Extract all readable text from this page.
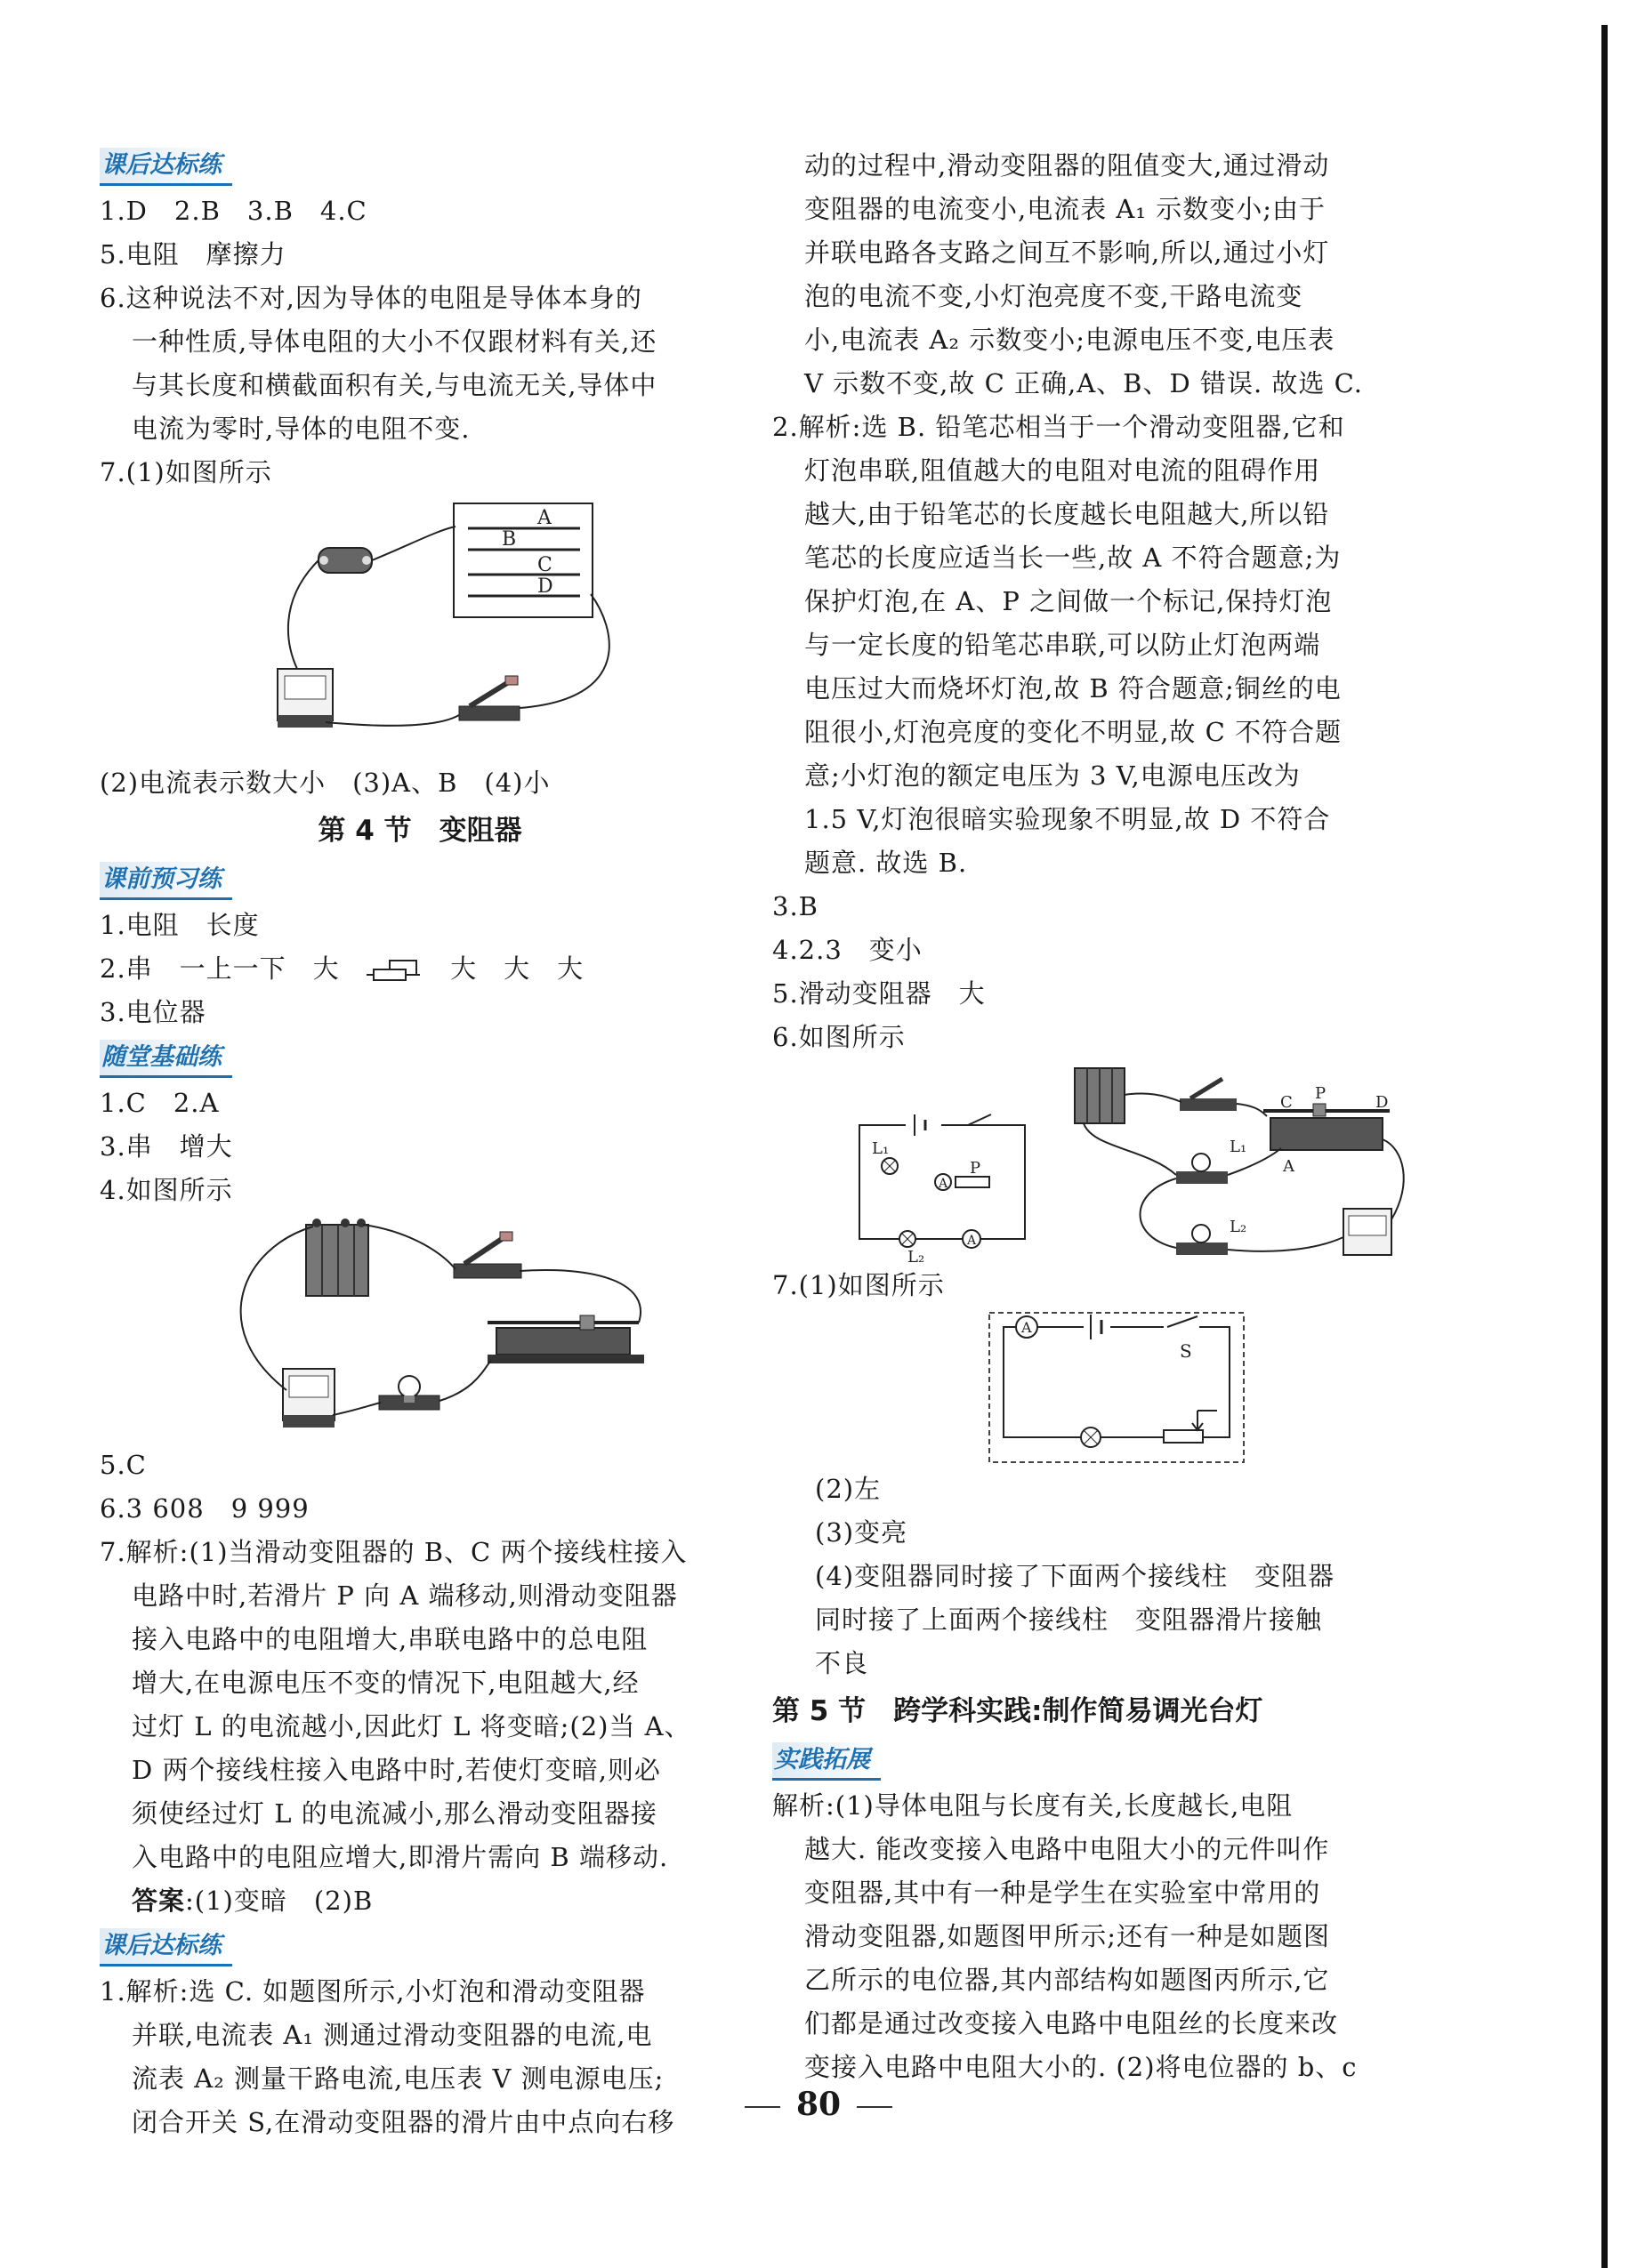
课后达标练
1.D　2.B　3.B　4.C
5.电阻　摩擦力
6.这种说法不对,因为导体的电阻是导体本身的
一种性质,导体电阻的大小不仅跟材料有关,还
与其长度和横截面积有关,与电流无关,导体中
电流为零时,导体的电阻不变.
7.(1)如图所示
A
B
C
D
(2)电流表示数大小　(3)A、B　(4)小
第 4 节　变阻器
课前预习练
1.电阻　长度
2.串　一上一下　大	大　大　大
3.电位器
随堂基础练
1.C　2.A
3.串　增大
4.如图所示
5.C
6.3 608　9 999
7.解析:(1)当滑动变阻器的 B、C 两个接线柱接入
电路中时,若滑片 P 向 A 端移动,则滑动变阻器
接入电路中的电阻增大,串联电路中的总电阻
增大,在电源电压不变的情况下,电阻越大,经
过灯 L 的电流越小,因此灯 L 将变暗;(2)当 A、
D 两个接线柱接入电路中时,若使灯变暗,则必
须使经过灯 L 的电流减小,那么滑动变阻器接
入电路中的电阻应增大,即滑片需向 B 端移动.
答案:(1)变暗　(2)B
课后达标练
1.解析:选 C. 如题图所示,小灯泡和滑动变阻器
并联,电流表 A₁ 测通过滑动变阻器的电流,电
流表 A₂ 测量干路电流,电压表 V 测电源电压;
闭合开关 S,在滑动变阻器的滑片由中点向右移
动的过程中,滑动变阻器的阻值变大,通过滑动
变阻器的电流变小,电流表 A₁ 示数变小;由于
并联电路各支路之间互不影响,所以,通过小灯
泡的电流不变,小灯泡亮度不变,干路电流变
小,电流表 A₂ 示数变小;电源电压不变,电压表
V 示数不变,故 C 正确,A、B、D 错误. 故选 C.
2.解析:选 B. 铅笔芯相当于一个滑动变阻器,它和
灯泡串联,阻值越大的电阻对电流的阻碍作用
越大,由于铅笔芯的长度越长电阻越大,所以铅
笔芯的长度应适当长一些,故 A 不符合题意;为
保护灯泡,在 A、P 之间做一个标记,保持灯泡
与一定长度的铅笔芯串联,可以防止灯泡两端
电压过大而烧坏灯泡,故 B 符合题意;铜丝的电
阻很小,灯泡亮度的变化不明显,故 C 不符合题
意;小灯泡的额定电压为 3 V,电源电压改为
1.5 V,灯泡很暗实验现象不明显,故 D 不符合
题意. 故选 B.
3.B
4.2.3　变小
5.滑动变阻器　大
6.如图所示
L₁
P
A
L₂
A
C P	D
A
L₁
L₂
7.(1)如图所示
A
S
(2)左
(3)变亮
(4)变阻器同时接了下面两个接线柱　变阻器
同时接了上面两个接线柱　变阻器滑片接触
不良
第 5 节　跨学科实践:制作简易调光台灯
实践拓展
解析:(1)导体电阻与长度有关,长度越长,电阻
越大. 能改变接入电路中电阻大小的元件叫作
变阻器,其中有一种是学生在实验室中常用的
滑动变阻器,如题图甲所示;还有一种是如题图
乙所示的电位器,其内部结构如题图丙所示,它
们都是通过改变接入电路中电阻丝的长度来改
变接入电路中电阻大小的. (2)将电位器的 b、c
80
